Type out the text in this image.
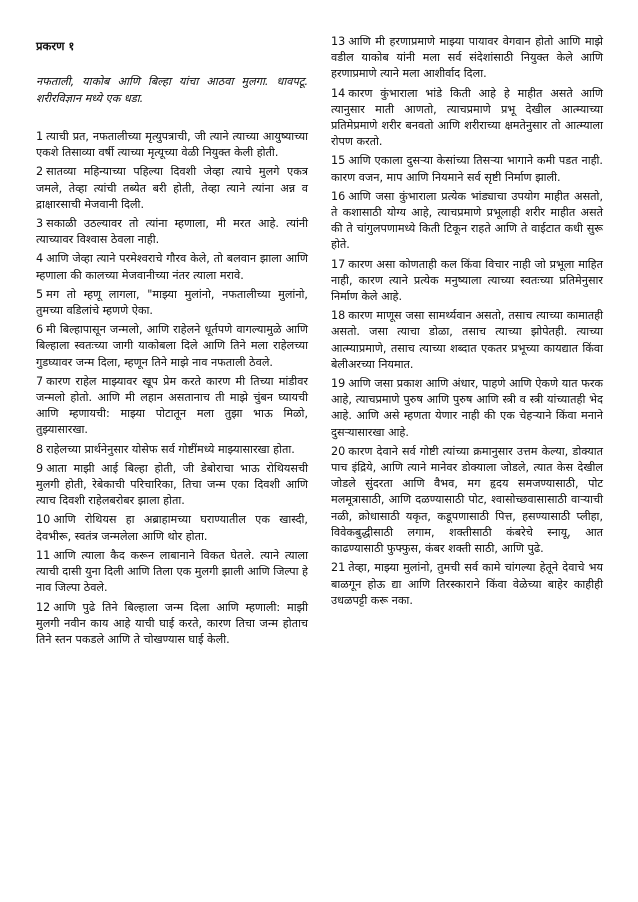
प्रकरण १
नफताली, याकोब आणि बिल्हा यांचा आठवा मुलगा. धावपटू. शरीरविज्ञान मध्ये एक धडा.
1 त्याची प्रत, नफतालीच्या मृत्युपत्राची, जी त्याने त्याच्या आयुष्याच्या एकशे तिसाव्या वर्षी त्याच्या मृत्यूच्या वेळी नियुक्त केली होती.
2 सातव्या महिन्याच्या पहिल्या दिवशी जेव्हा त्याचे मुलगे एकत्र जमले, तेव्हा त्यांची तब्येत बरी होती, तेव्हा त्याने त्यांना अन्न व द्राक्षारसाची मेजवानी दिली.
3 सकाळी उठल्यावर तो त्यांना म्हणाला, मी मरत आहे. त्यांनी त्याच्यावर विश्वास ठेवला नाही.
4 आणि जेव्हा त्याने परमेश्वराचे गौरव केले, तो बलवान झाला आणि म्हणाला की कालच्या मेजवानीच्या नंतर त्याला मरावे.
5 मग तो म्हणू लागला, "माझ्या मुलांनो, नफतालीच्या मुलांनो, तुमच्या वडिलांचे म्हणणे ऐका.
6 मी बिल्हापासून जन्मलो, आणि राहेलने धूर्तपणे वागल्यामुळे आणि बिल्हाला स्वतःच्या जागी याकोबला दिले आणि तिने मला राहेलच्या गुडघ्यावर जन्म दिला, म्हणून तिने माझे नाव नफताली ठेवले.
7 कारण राहेल माझ्यावर खूप प्रेम करते कारण मी तिच्या मांडीवर जन्मलो होतो. आणि मी लहान असतानाच ती माझे चुंबन घ्यायची आणि म्हणायची: माझ्या पोटातून मला तुझा भाऊ मिळो, तुझ्यासारखा.
8 राहेलच्या प्रार्थनेनुसार योसेफ सर्व गोष्टींमध्ये माझ्यासारखा होता.
9 आता माझी आई बिल्हा होती, जी डेबोराचा भाऊ रोथियसची मुलगी होती, रेबेकाची परिचारिका, तिचा जन्म एका दिवशी आणि त्याच दिवशी राहेलबरोबर झाला होता.
10 आणि रोथियस हा अब्राहामच्या घराण्यातील एक खास्दी, देवभीरू, स्वतंत्र जन्मलेला आणि थोर होता.
11 आणि त्याला कैद करून लाबानाने विकत घेतले. त्याने त्याला त्याची दासी युना दिली आणि तिला एक मुलगी झाली आणि जिल्पा हे नाव जिल्पा ठेवले.
12 आणि पुढे तिने बिल्हाला जन्म दिला आणि म्हणाली: माझी मुलगी नवीन काय आहे याची घाई करते, कारण तिचा जन्म होताच तिने स्तन पकडले आणि ते चोखण्यास घाई केली.
13 आणि मी हरणाप्रमाणे माझ्या पायावर वेगवान होतो आणि माझे वडील याकोब यांनी मला सर्व संदेशांसाठी नियुक्त केले आणि हरणाप्रमाणे त्याने मला आशीर्वाद दिला.
14 कारण कुंभाराला भांडे किती आहे हे माहीत असते आणि त्यानुसार माती आणतो, त्याचप्रमाणे प्रभू देखील आत्म्याच्या प्रतिमेप्रमाणे शरीर बनवतो आणि शरीराच्या क्षमतेनुसार तो आत्म्याला रोपण करतो.
15 आणि एकाला दुसऱ्या केसांच्या तिसऱ्या भागाने कमी पडत नाही. कारण वजन, माप आणि नियमाने सर्व सृष्टी निर्माण झाली.
16 आणि जसा कुंभाराला प्रत्येक भांड्याचा उपयोग माहीत असतो, ते कशासाठी योग्य आहे, त्याचप्रमाणे प्रभूलाही शरीर माहीत असते की ते चांगुलपणामध्ये किती टिकून राहते आणि ते वाईटात कधी सुरू होते.
17 कारण असा कोणताही कल किंवा विचार नाही जो प्रभूला माहित नाही, कारण त्याने प्रत्येक मनुष्याला त्याच्या स्वतःच्या प्रतिमेनुसार निर्माण केले आहे.
18 कारण माणूस जसा सामर्थ्यवान असतो, तसाच त्याच्या कामातही असतो. जसा त्याचा डोळा, तसाच त्याच्या झोपेतही. त्याच्या आत्म्याप्रमाणे, तसाच त्याच्या शब्दात एकतर प्रभूच्या कायद्यात किंवा बेलीअरच्या नियमात.
19 आणि जसा प्रकाश आणि अंधार, पाहणे आणि ऐकणे यात फरक आहे, त्याचप्रमाणे पुरुष आणि पुरुष आणि स्त्री व स्त्री यांच्यातही भेद आहे. आणि असे म्हणता येणार नाही की एक चेहऱ्याने किंवा मनाने दुसऱ्यासारखा आहे.
20 कारण देवाने सर्व गोष्टी त्यांच्या क्रमानुसार उत्तम केल्या, डोक्यात पाच इंद्रिये, आणि त्याने मानेवर डोक्याला जोडले, त्यात केस देखील जोडले सुंदरता आणि वैभव, मग हृदय समजण्यासाठी, पोट मलमूत्रासाठी, आणि दळण्यासाठी पोट, श्वासोच्छवासासाठी वाऱ्याची नळी, क्रोधासाठी यकृत, कडूपणासाठी पित्त, हसण्यासाठी प्लीहा, विवेकबुद्धीसाठी लगाम, शक्तीसाठी कंबरेचे स्नायू, आत काढण्यासाठी फुफ्फुस, कंबर शक्ती साठी, आणि पुढे.
21 तेव्हा, माझ्या मुलांनो, तुमची सर्व कामे चांगल्या हेतूने देवाचे भय बाळगून होऊ द्या आणि तिरस्काराने किंवा वेळेच्या बाहेर काहीही उधळपट्टी करू नका.
